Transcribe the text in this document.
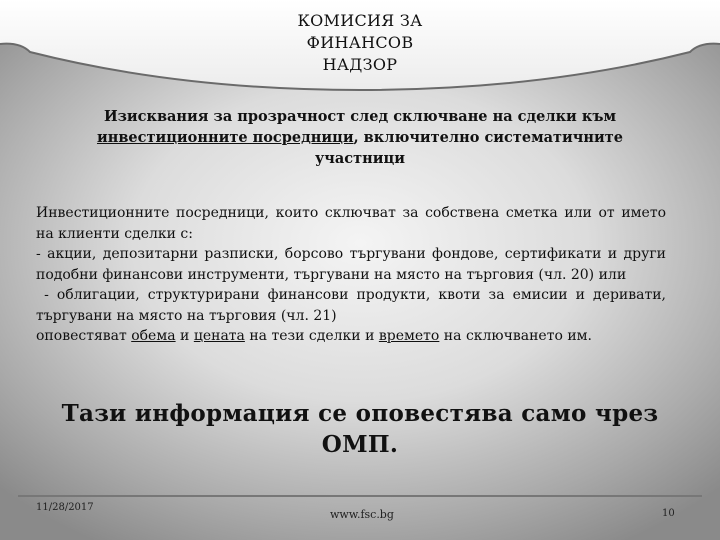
КОМИСИЯ ЗА
ФИНАНСОВ
НАДЗОР
Изисквания за прозрачност след сключване на сделки към
инвестиционните посредници, включително систематичните
участници

Инвестиционните посредници, които сключват за собствена сметка или от името на клиенти сделки с:

- акции, депозитарни разписки, борсово търгувани фондове, сертификати и други подобни финансови инструменти, търгувани на място на търговия (чл. 20) или

- облигации, структурирани финансови продукти, квоти за емисии и деривати, търгувани на място на търговия (чл. 21)

оповестяват обема и цената на тези сделки и времето на сключването им.

Тази информация се оповестява само чрез ОМП.
11/28/2017
www.fsc.bg	10
